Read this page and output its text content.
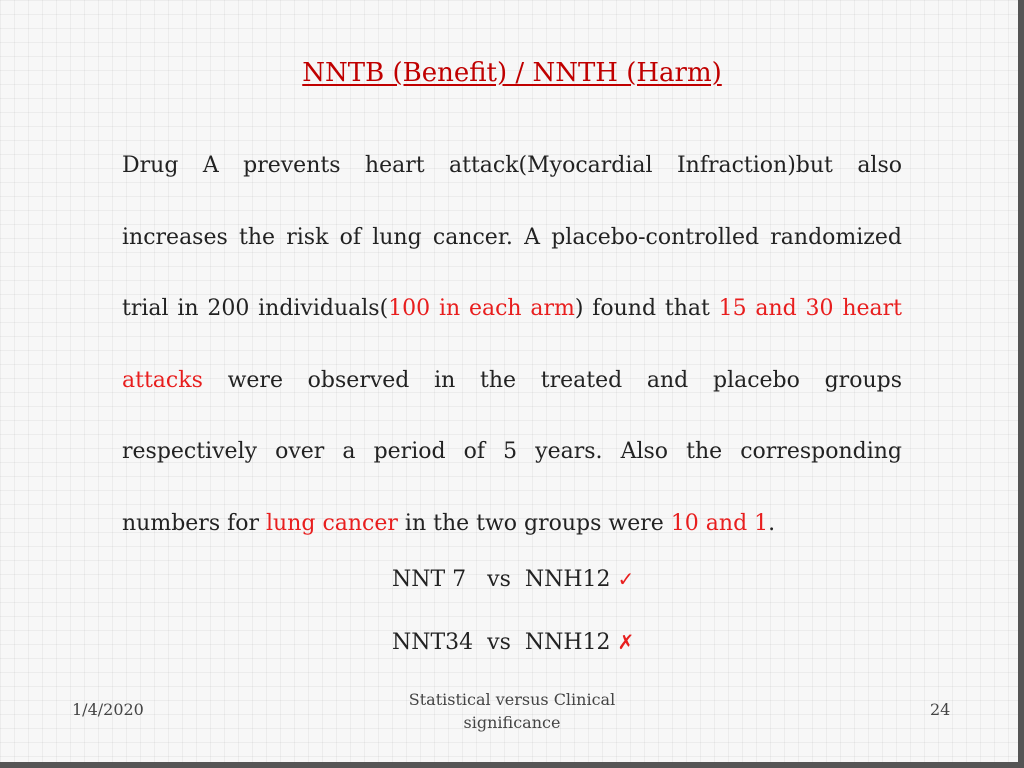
NNTB (Benefit) / NNTH (Harm)
Drug A prevents heart attack(Myocardial Infraction)but also increases the risk of lung cancer. A placebo-controlled randomized trial in 200 individuals(100 in each arm) found that 15 and 30 heart attacks were observed in the treated and placebo groups respectively over a period of 5 years. Also the corresponding numbers for lung cancer in the two groups were 10 and 1.
NNT 7   vs  NNH12 ✓
NNT34  vs  NNH12 ✗
1/4/2020
Statistical versus Clinical significance
24
